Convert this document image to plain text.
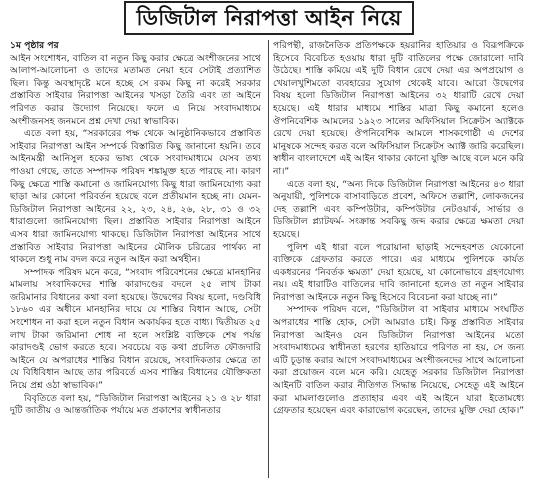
ডিজিটাল নিরাপত্তা আইন নিয়ে

১ম পৃষ্ঠার পর

আইন সংশোধন, বাতিল বা নতুন কিছু করার ক্ষেত্রে অংশীজনের সাথে আলাপ-আলোচনা ও তাদের মতামত নেয়া হবে সেটাই প্রত্যাশিত ছিল। কিন্তু অবস্থাদৃষ্টে মনে হচ্ছে সে রকম কিছু না করেই সরকার প্রস্তাবিত সাইবার নিরাপত্তা আইনের খসড়া তৈরি এবং তা আইনে পরিণত করার উদ্যোগ নিয়েছে। ফলে এ নিয়ে সংবাদমাধ্যমে অংশীজনসহ জনমনে প্রশ্ন দেখা দেয়া স্বাভাবিক।

এতে বলা হয়, “সরকারের পক্ষ থেকে আনুষ্ঠানিকভাবে প্রস্তাবিত সাইবার নিরাপত্তা আইন সম্পর্কে বিস্তারিত কিছু জানানো হয়নি। তবে আইনমন্ত্রী আনিসুল হকের ভাষ্য থেকে সংবাদমাধ্যমে যেসব তথ্য পাওয়া গেছে, তাতে সম্পাদক পরিষদ শঙ্কামুক্ত হতে পারছে না। কারণ কিছু ক্ষেত্রে শাস্তি কমানো ও জামিনযোগ্য কিছু ধারা জামিনযোগ্য করা ছাড়া আর কোনো পরিবর্তন হয়েছে বলে প্রতীয়মান হচ্ছে না। যেমন- ডিজিটাল নিরাপত্তা আইনের ২২, ২৩, ২৪, ২৬, ২৮, ৩১ ও ৩২ ধারাগুলো জামিনযোগ্য ছিল। প্রস্তাবিত সাইবার নিরাপত্তা আইনে এসব ধারা জামিনযোগ্য থাকছে। ডিজিটাল নিরাপত্তা আইনের সাথে প্রস্তাবিত সাইবার নিরাপত্তা আইনের মৌলিক চরিত্রের পার্থক্য না থাকলে শুধু নাম বদল করে নতুন আইন করা অর্থহীন।

সম্পাদক পরিষদ মনে করে, “সংবাদ পরিবেশনের ক্ষেত্রে মানহানির মামলায় সংবাদিকদের শাস্তি কারাদণ্ডের বদলে ২৫ লাখ টাকা জরিমানার বিধানের কথা বলা হয়েছে। উদ্বেগের বিষয় হলো, দণ্ডবিধি ১৮৬০ এর অধীনে মানহানির দায়ে যে শাস্তির বিধান আছে, সেটা সংশোধন না করা হলে নতুন বিধান অকার্যকর হতে বাধ্য। দ্বিতীয়ত ২৫ লাখ টাকা জরিমানা শোধ না হলে সংশ্লিষ্ট ব্যক্তিকে শেষ পর্যন্ত কারাদণ্ডই ভোগ করতে হবে। সবচেয়ে বড় কথা প্রচলিত ফৌজদারি আইনে যে অপরাধের শাস্তির বিধান রয়েছে, সংবাদিকতার ক্ষেত্রে তা যে বিধিবিধান আছে তার পরিবর্তে এসব শাস্তির বিধানের যৌক্তিকতা নিয়ে প্রশ্ন ওঠা স্বাভাবিক।”

বিবৃতিতে বলা হয়, “ডিজিটাল নিরাপত্তা আইনের ২১ ও ২৮ ধারা দুটি জাতীয় ও আন্তর্জাতিক পর্যায়ে মত প্রকাশের স্বাধীনতার

পরিপন্থী, রাজনৈতিক প্রতিপক্ষকে হয়রানির হাতিয়ার ও বিরূপক্রিকে হিসেবে বিবেচিত হওয়ায় ধারা দুটি বাতিলের পক্ষে জোরালো দাবি উঠেছে। শাস্তি কমিয়ে এই দুটি বিধান রেখে দেয়া এর অপপ্রয়োগ ও খেয়ালখুশিমতো ব্যবহারের সুযোগ থেকেই যাবে। আরো উদ্বেগের বিষয় হলো ডিজিটাল নিরাপত্তা আইনের ৩২ ধারাটি রেখে দেয়া হয়েছে। এই ধারার মাধ্যমে শাস্তির মাত্রা কিছু কমানো হলেও ঔপনিবেশিক আমলের ১৯২৩ সালের অফিসিয়াল সিক্রেটস অ্যাক্টকে রেখে দেয়া হয়েছে। ঔপনিবেশিক আমলে শাসকগোষ্ঠী এ দেশের মানুষকে সন্দেহ করত বলে অফিসিয়াল সিক্রেটস অ্যাক্ট জারি করেছিল। স্বাধীন বাংলাদেশে এই আইন থাকার কোনো যুক্তি আছে বলে মনে করি না।”

এতে বলা হয়, “অন্য দিকে ডিজিটাল নিরাপত্তা আইনের ৪৩ ধারা অনুযায়ী, পুলিশকে বাসাবাড়িতে প্রবেশ, অফিসে তল্লাশি, লোকজনের দেহ তল্লাশি এবং কম্পিউটার, কম্পিউটার নেটওয়ার্ক, সার্ভার ও ডিজিটাল প্ল্যাটফর্ম- সংক্রান্ত সবকিছু জব্দ করার ক্ষেত্রে ক্ষমতা দেয়া হয়েছে।

পুলিশ এই ধারা বলে পরোয়ানা ছাড়াই সন্দেহবশত যেকোনো ব্যক্তিকে গ্রেফতার করতে পারে। এর মাধ্যমে পুলিশকে কার্যত একধরনের ‘নিবর্তক ক্ষমতা’ দেয়া হয়েছে, যা কোনোভাবে গ্রহণযোগ্য নয়। এই ধারাটিও বাতিলের দাবি জানানো হলেও তা নতুন সাইবার নিরাপত্তা আইনকে নতুন কিছু হিসেবে বিবেচনা করা যাচ্ছে না।”

সম্পাদক পরিষদ বলে, “ডিজিটাল বা সাইবার মাধ্যমে সংঘটিত অপরাধের শাস্তি হোক, সেটা আমরাও চাই। কিন্তু প্রস্তাবিত সাইবার নিরাপত্তা আইনও যেন ডিজিটাল নিরাপত্তা আইনের মতো সংবাদমাধ্যমের স্বাধীনতা হরণের হাতিয়ারে পরিণত না হয়, সে জন্য এটি চূড়ান্ত করার আগে সংবাদমাধ্যমের অংশীজনদের সাথে আলোচনা করা প্রয়োজন বলে মনে করি। যেহেতু সরকার ডিজিটাল নিরাপত্তা আইনটি বাতিল করার নীতিগত সিদ্ধান্ত নিয়েছে, সেহেতু এই আইনে করা মামলাগুলোও প্রত্যাহার এবং এই আইনে যারা ইতোমধ্যে গ্রেফতার হয়েছেন এবং কারাভোগ করেছেন, তাদের মুক্তি দেয়া হোক।”
